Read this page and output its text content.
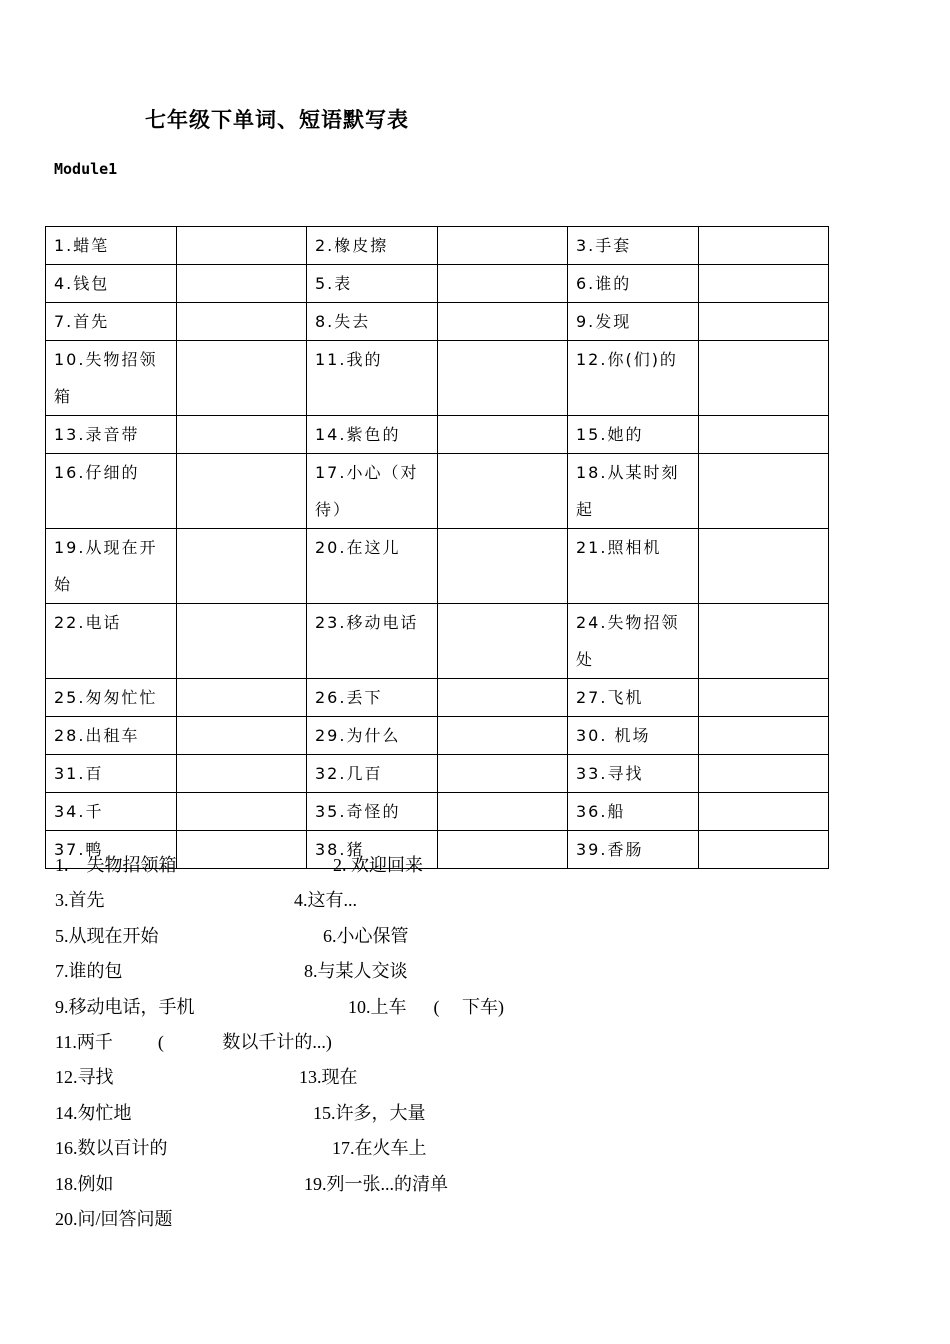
七年级下单词、短语默写表
Module1
1.蜡笔		2.橡皮擦		3.手套	
4.钱包		5.表		6.谁的	
7.首先		8.失去		9.发现	
10.失物招领箱		11.我的		12.你(们)的	
13.录音带		14.紫色的		15.她的	
16.仔细的		17.小心（对待）		18.从某时刻起	
19.从现在开始		20.在这儿		21.照相机	
22.电话		23.移动电话		24.失物招领处	
25.匆匆忙忙		26.丢下		27.飞机	
28.出租车		29.为什么		30. 机场	
31.百		32.几百		33.寻找	
34.千		35.奇怪的		36.船	
37.鸭		38.猪		39.香肠	
1.    失物招领箱	2. 欢迎回来
3.首先	4.这有...
5.从现在开始	6.小心保管
7.谁的包	8.与某人交谈
9.移动电话，手机	10.上车      (     下车)
11.两千          (             数以千计的...)
12.寻找	13.现在
14.匆忙地	15.许多，大量
16.数以百计的	17.在火车上
18.例如	19.列一张...的清单
20.问/回答问题
